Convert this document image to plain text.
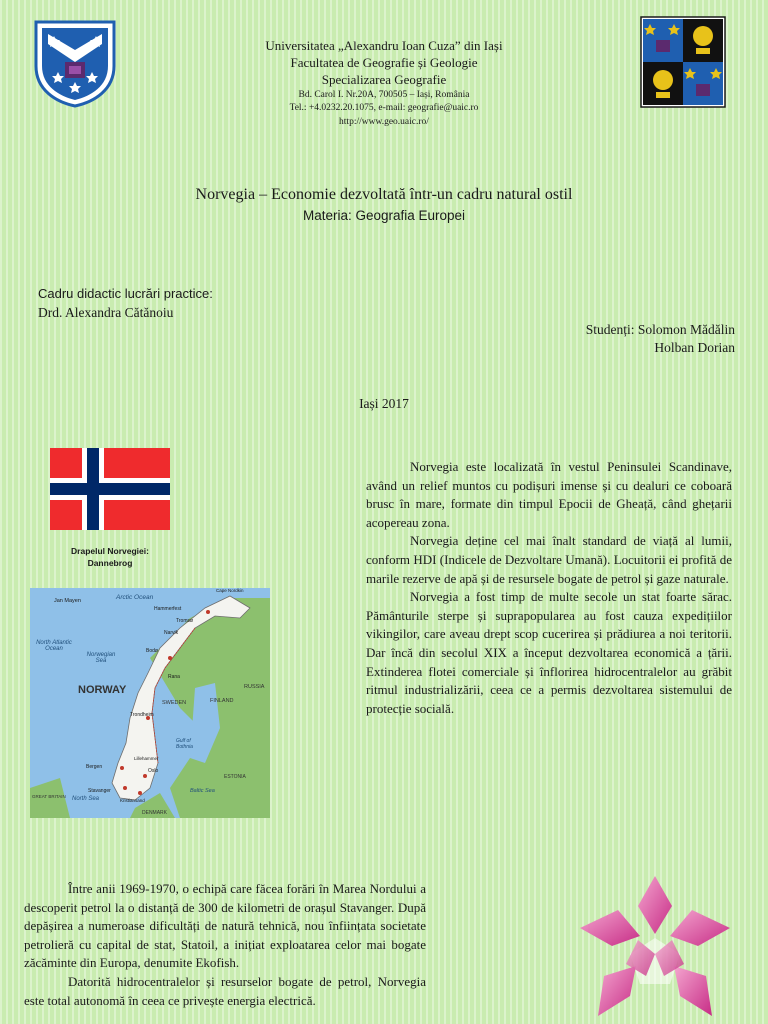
Universitatea „Alexandru Ioan Cuza” din Iași
Facultatea de Geografie și Geologie
Specializarea Geografie
Bd. Carol I. Nr.20A, 700505 – Iași, România
Tel.: +4.0232.20.1075, e-mail: geografie@uaic.ro
http://www.geo.uaic.ro/
Norvegia – Economie dezvoltată într-un cadru natural ostil
Materia: Geografia Europei
Cadru didactic lucrări practice:
Drd. Alexandra Cătănoiu
Studenți: Solomon Mădălin
Holban Dorian
Iași 2017
Drapelul Norvegiei:
Dannebrog
Jan Mayen	Arctic Ocean
Hammerfest
Cape Nordkin
Tromsø
Narvik
Bodø
Rana
North Atlantic Ocean
Norwegian Sea
NORWAY
SWEDEN	FINLAND
RUSSIA
Trondheim
Gulf of Bothnia
Lillehammer
ESTONIA
Bergen
Oslo
Stavanger
Kristiansand
North Sea
Baltic Sea
GREAT BRITAIN
DENMARK

Norvegia este localizată în vestul Peninsulei Scandinave, având un relief muntos cu podișuri imense și cu dealuri ce coboară brusc în mare, formate din timpul Epocii de Gheață, când ghețarii acopereau zona.

Norvegia deține cel mai înalt standard de viață al lumii, conform HDI (Indicele de Dezvoltare Umană). Locuitorii ei profită de marile rezerve de apă și de resursele bogate de petrol și gaze naturale.

Norvegia a fost timp de multe secole un stat foarte sărac. Pământurile sterpe și suprapopularea au fost cauza expedițiilor vikingilor, care aveau drept scop cucerirea și prădiurea a noi teritorii. Dar încă din secolul XIX a început dezvoltarea economică a țării. Extinderea flotei comerciale și înflorirea hidrocentralelor au grăbit ritmul industrializării, ceea ce a permis dezvoltarea sistemului de protecție socială.

Între anii 1969-1970, o echipă care făcea forări în Marea Nordului a descoperit petrol la o distanță de 300 de kilometri de orașul Stavanger. După depășirea a numeroase dificultăți de natură tehnică, nou înființata societate petrolieră cu capital de stat, Statoil, a inițiat exploatarea celor mai bogate zăcăminte din Europa, denumite Ekofish.

Datorită hidrocentralelor și resurselor bogate de petrol, Norvegia este total autonomă în ceea ce privește energia electrică.
